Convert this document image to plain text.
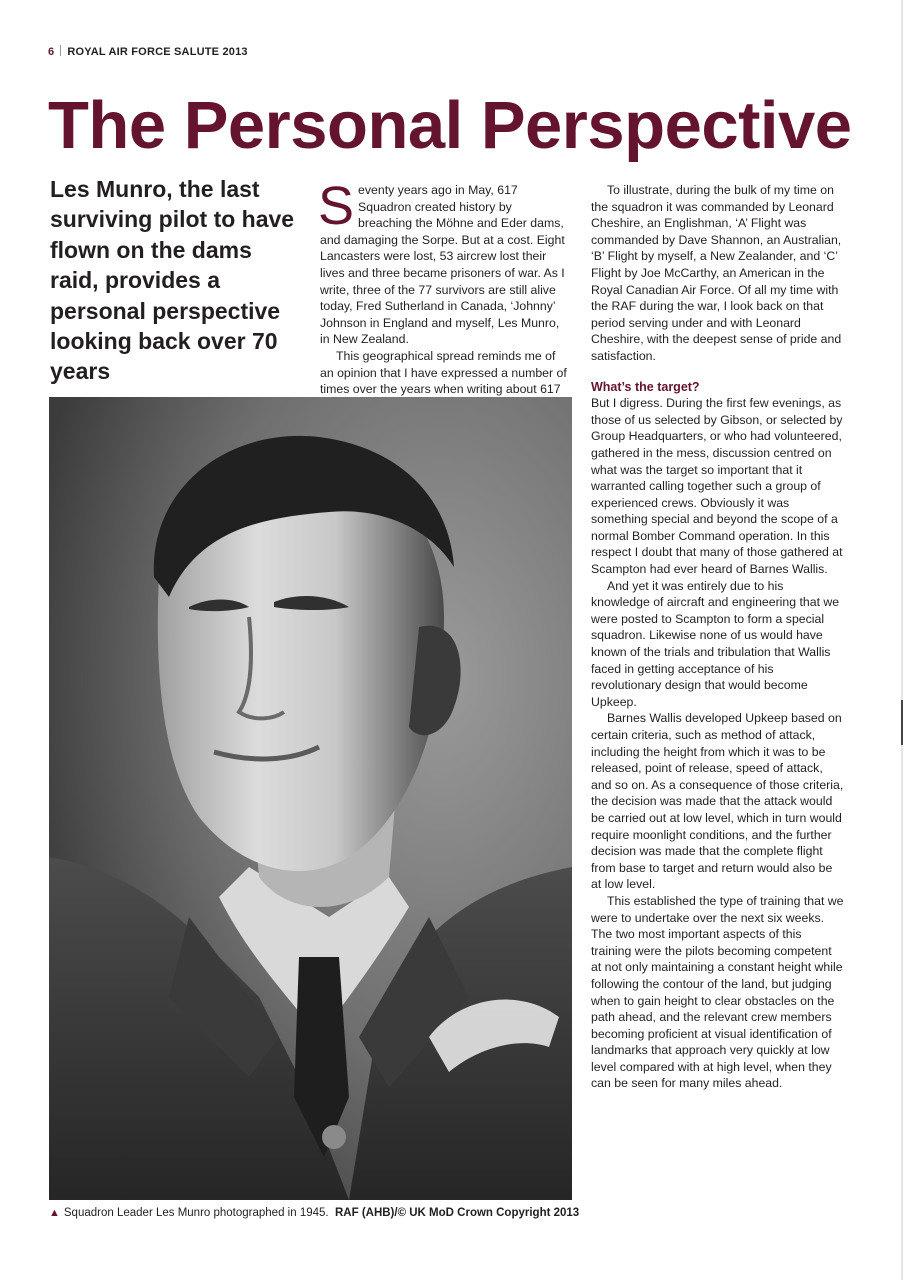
6 ROYAL AIR FORCE SALUTE 2013
The Personal Perspective
Les Munro, the last surviving pilot to have flown on the dams raid, provides a personal perspective looking back over 70 years

Seventy years ago in May, 617 Squadron created history by breaching the Möhne and Eder dams, and damaging the Sorpe. But at a cost. Eight Lancasters were lost, 53 aircrew lost their lives and three became prisoners of war. As I write, three of the 77 survivors are still alive today, Fred Sutherland in Canada, ‘Johnny’ Johnson in England and myself, Les Munro, in New Zealand.

This geographical spread reminds me of an opinion that I have expressed a number of times over the years when writing about 617

▲ Squadron Leader Les Munro photographed in 1945. RAF (AHB)/© UK MoD Crown Copyright 2013

To illustrate, during the bulk of my time on the squadron it was commanded by Leonard Cheshire, an Englishman, ‘A’ Flight was commanded by Dave Shannon, an Australian, ‘B’ Flight by myself, a New Zealander, and ‘C’ Flight by Joe McCarthy, an American in the Royal Canadian Air Force. Of all my time with the RAF during the war, I look back on that period serving under and with Leonard Cheshire, with the deepest sense of pride and satisfaction.

What’s the target?

But I digress. During the first few evenings, as those of us selected by Gibson, or selected by Group Headquarters, or who had volunteered, gathered in the mess, discussion centred on what was the target so important that it warranted calling together such a group of experienced crews. Obviously it was something special and beyond the scope of a normal Bomber Command operation. In this respect I doubt that many of those gathered at Scampton had ever heard of Barnes Wallis.

And yet it was entirely due to his knowledge of aircraft and engineering that we were posted to Scampton to form a special squadron. Likewise none of us would have known of the trials and tribulation that Wallis faced in getting acceptance of his revolutionary design that would become Upkeep.

Barnes Wallis developed Upkeep based on certain criteria, such as method of attack, including the height from which it was to be released, point of release, speed of attack, and so on. As a consequence of those criteria, the decision was made that the attack would be carried out at low level, which in turn would require moonlight conditions, and the further decision was made that the complete flight from base to target and return would also be at low level.

This established the type of training that we were to undertake over the next six weeks. The two most important aspects of this training were the pilots becoming competent at not only maintaining a constant height while following the contour of the land, but judging when to gain height to clear obstacles on the path ahead, and the relevant crew members becoming proficient at visual identification of landmarks that approach very quickly at low level compared with at high level, when they can be seen for many miles ahead.
